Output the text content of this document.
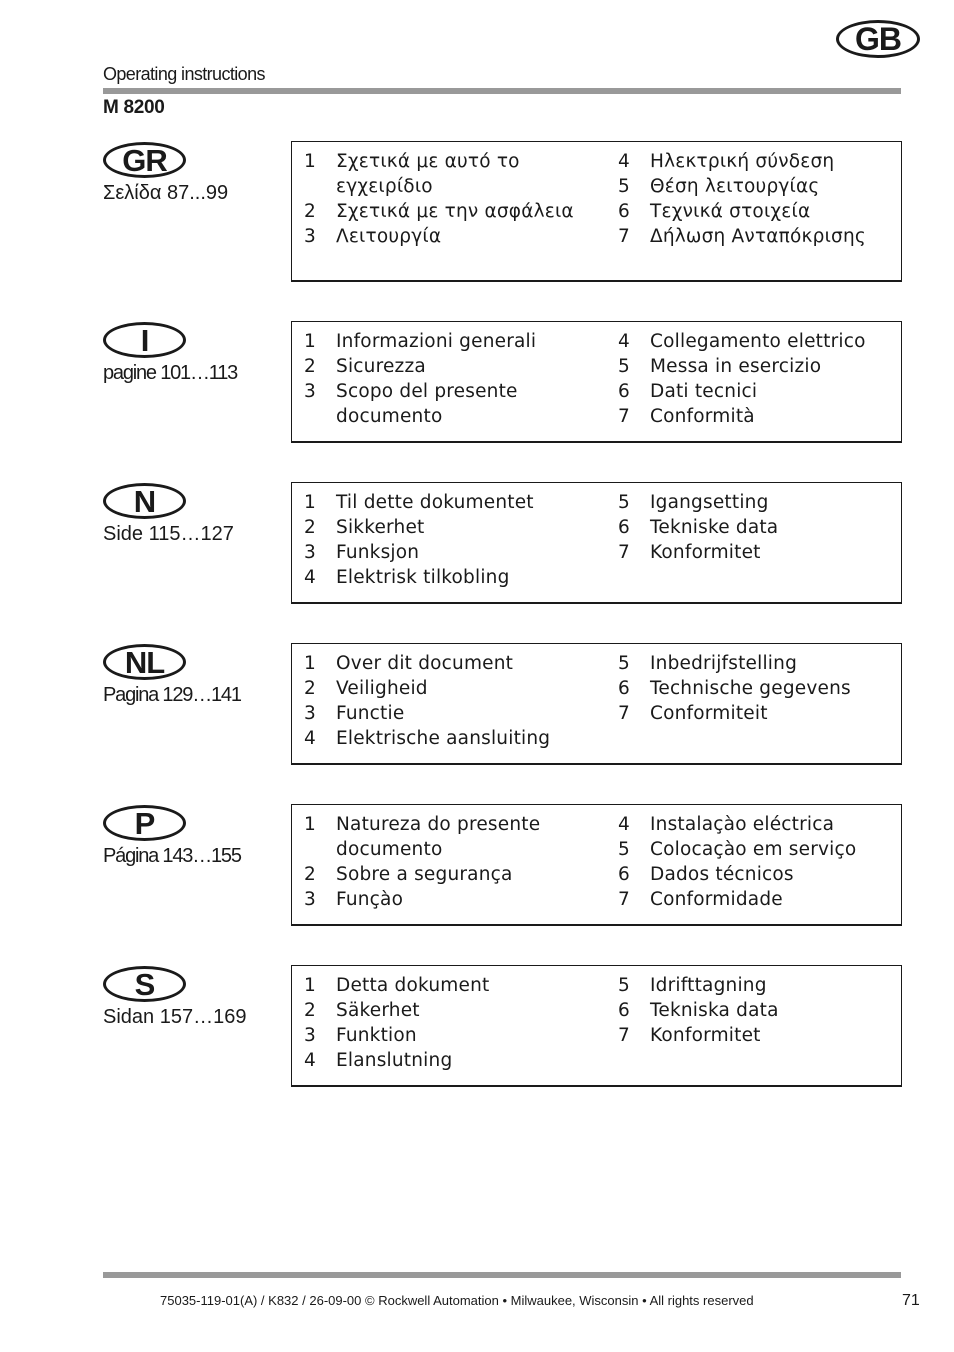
GB
Operating instructions
M 8200
GR
Σελίδα 87...99
1	Σχετικά με αυτό το εγχειρίδιο
2	Σχετικά με την ασφάλεια
3	Λειτουργία
4	Ηλεκτρική σύνδεση
5	Θέση λειτουργίας
6	Τεχνικά στοιχεία
7	Δήλωση Ανταπόκρισης
I
pagine 101…113
1	Informazioni generali
2	Sicurezza
3	Scopo del presente documento
4	Collegamento elettrico
5	Messa in esercizio
6	Dati tecnici
7	Conformità
N
Side 115…127
1	Til dette dokumentet
2	Sikkerhet
3	Funksjon
4	Elektrisk tilkobling
5	Igangsetting
6	Tekniske data
7	Konformitet
NL
Pagina 129…141
1	Over dit document
2	Veiligheid
3	Functie
4	Elektrische aansluiting
5	Inbedrijfstelling
6	Technische gegevens
7	Conformiteit
P
Página 143…155
1	Natureza do presente documento
2	Sobre a segurança
3	Funçào
4	Instalaçào eléctrica
5	Colocaçào em serviço
6	Dados técnicos
7	Conformidade
S
Sidan 157…169
1	Detta dokument
2	Säkerhet
3	Funktion
4	Elanslutning
5	Idrifttagning
6	Tekniska data
7	Konformitet
75035-119-01(A) / K832 / 26-09-00 © Rockwell Automation • Milwaukee, Wisconsin • All rights reserved	71
